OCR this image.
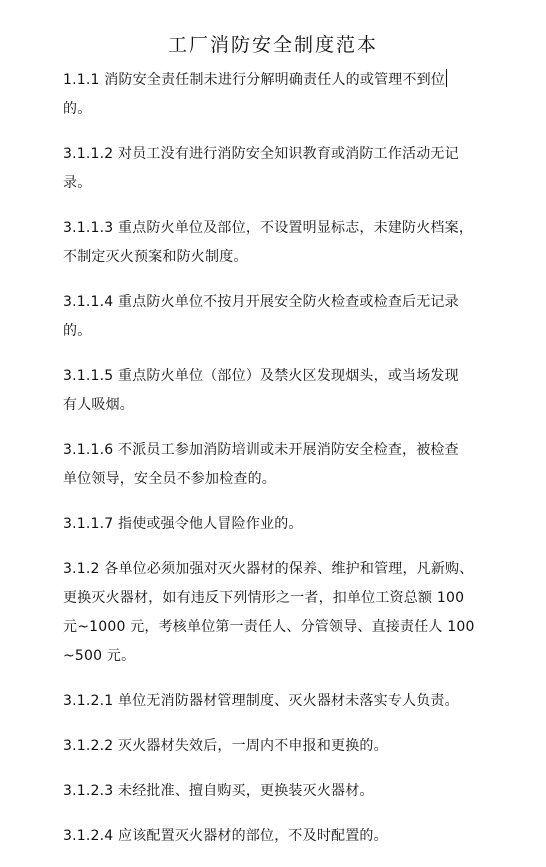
工厂消防安全制度范本

1.1.1 消防安全责任制未进行分解明确责任人的或管理不到位
的。

3.1.1.2 对员工没有进行消防安全知识教育或消防工作活动无记
录。

3.1.1.3 重点防火单位及部位，不设置明显标志，未建防火档案，
不制定灭火预案和防火制度。

3.1.1.4 重点防火单位不按月开展安全防火检查或检查后无记录
的。

3.1.1.5 重点防火单位（部位）及禁火区发现烟头，或当场发现
有人吸烟。

3.1.1.6 不派员工参加消防培训或未开展消防安全检查，被检查
单位领导，安全员不参加检查的。

3.1.1.7 指使或强令他人冒险作业的。

3.1.2 各单位必须加强对灭火器材的保养、维护和管理，凡新购、
更换灭火器材，如有违反下列情形之一者，扣单位工资总额 100
元~1000 元，考核单位第一责任人、分管领导、直接责任人 100
~500 元。

3.1.2.1 单位无消防器材管理制度、灭火器材未落实专人负责。

3.1.2.2 灭火器材失效后，一周内不申报和更换的。

3.1.2.3 未经批准、擅自购买，更换装灭火器材。

3.1.2.4 应该配置灭火器材的部位，不及时配置的。
